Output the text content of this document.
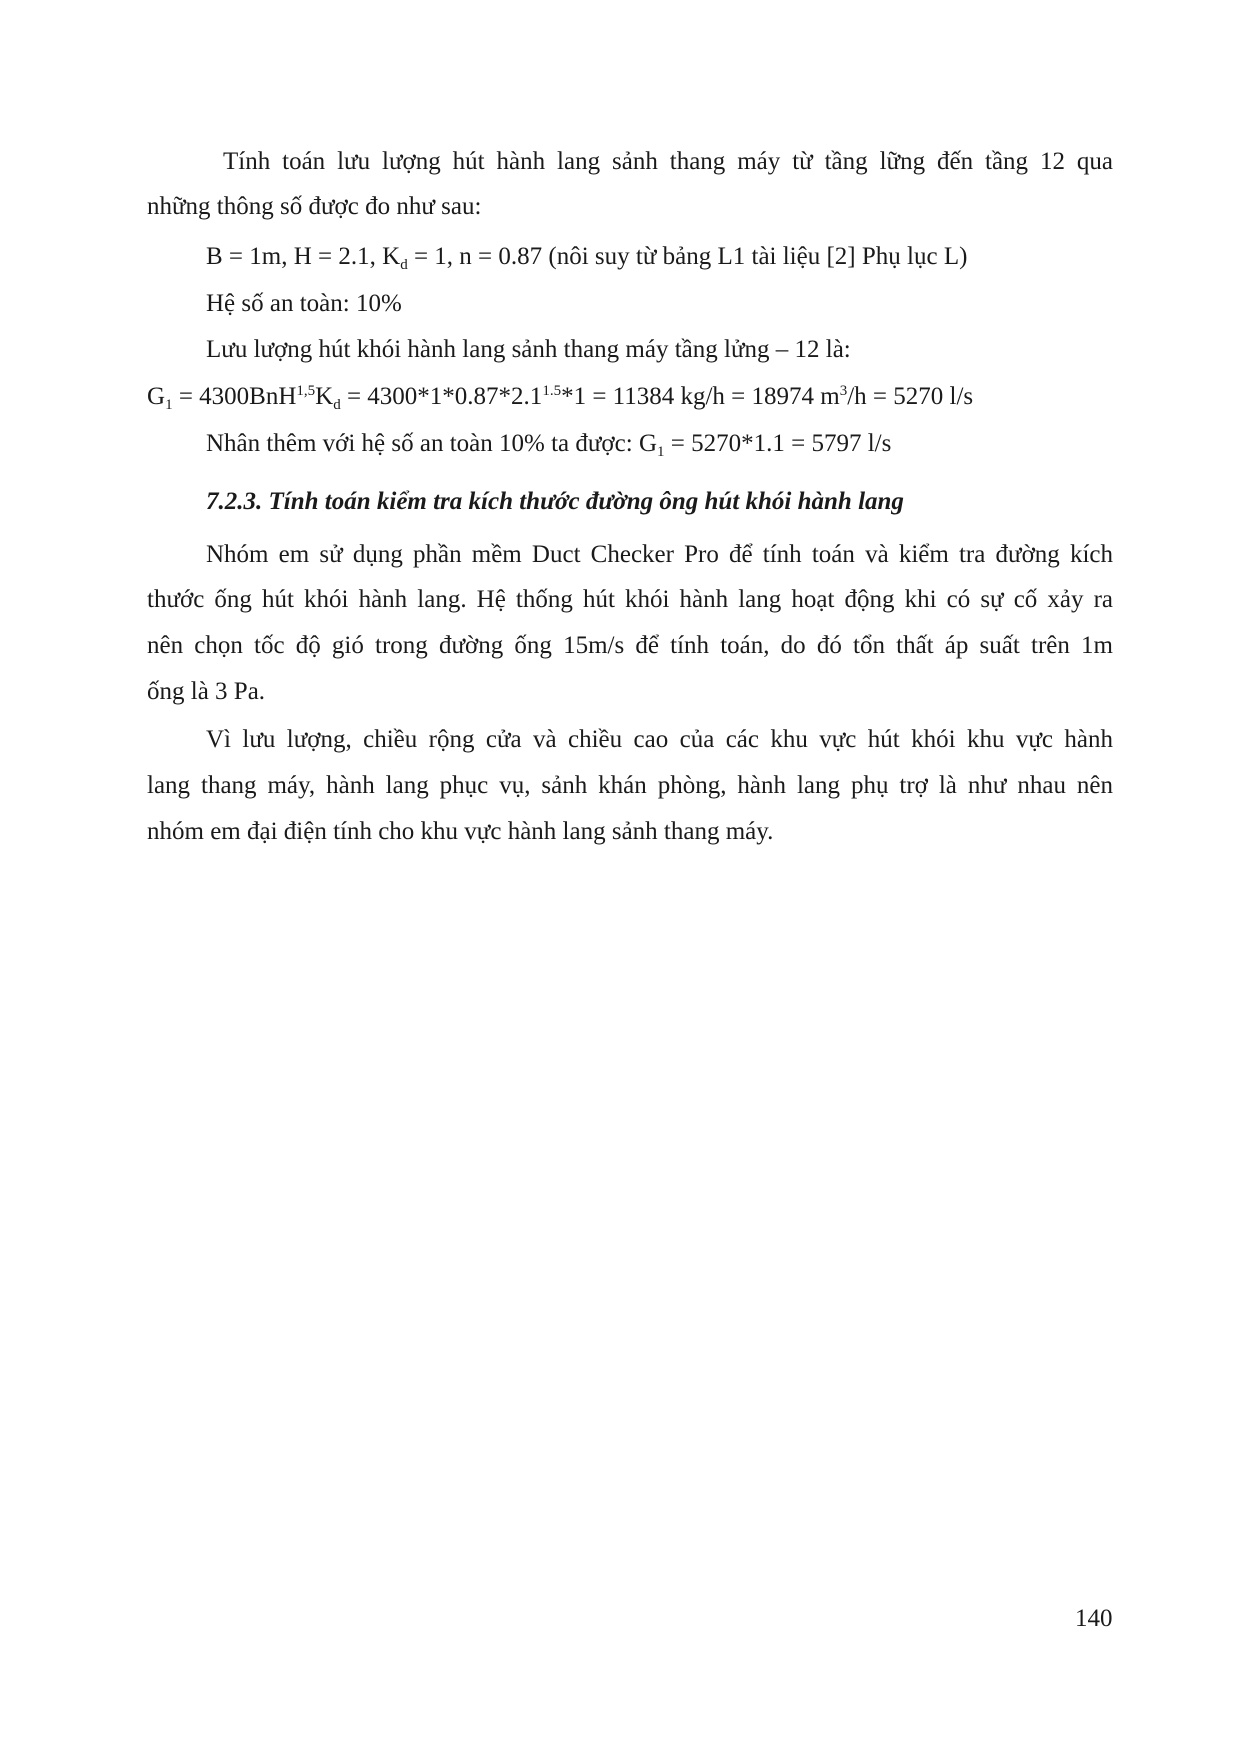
Tính toán lưu lượng hút hành lang sảnh thang máy từ tầng lững đến tầng 12 qua
những thông số được đo như sau:
B = 1m, H = 2.1, $K_d = 1$, n = 0.87 (nôi suy từ bảng L1 tài liệu [2] Phụ lục L)
Hệ số an toàn: 10%
Lưu lượng hút khói hành lang sảnh thang máy tầng lửng – 12 là:
$G_1 = 4300BnH^{1,5}K_d = 4300*1*0.87*2.1^{1.5}*1 = 11384$ kg/h = 18974 $m^3/h = 5270$ l/s
Nhân thêm với hệ số an toàn 10% ta được: $G_1 = 5270*1.1 = 5797$ l/s
7.2.3. Tính toán kiểm tra kích thước đường ông hút khói hành lang
Nhóm em sử dụng phần mềm Duct Checker Pro để tính toán và kiểm tra đường kích
thước ống hút khói hành lang. Hệ thống hút khói hành lang hoạt động khi có sự cố xảy ra
nên chọn tốc độ gió trong đường ống 15m/s để tính toán, do đó tổn thất áp suất trên 1m
ống là 3 Pa.
Vì lưu lượng, chiều rộng cửa và chiều cao của các khu vực hút khói khu vực hành
lang thang máy, hành lang phục vụ, sảnh khán phòng, hành lang phụ trợ là như nhau nên
nhóm em đại điện tính cho khu vực hành lang sảnh thang máy.
140
